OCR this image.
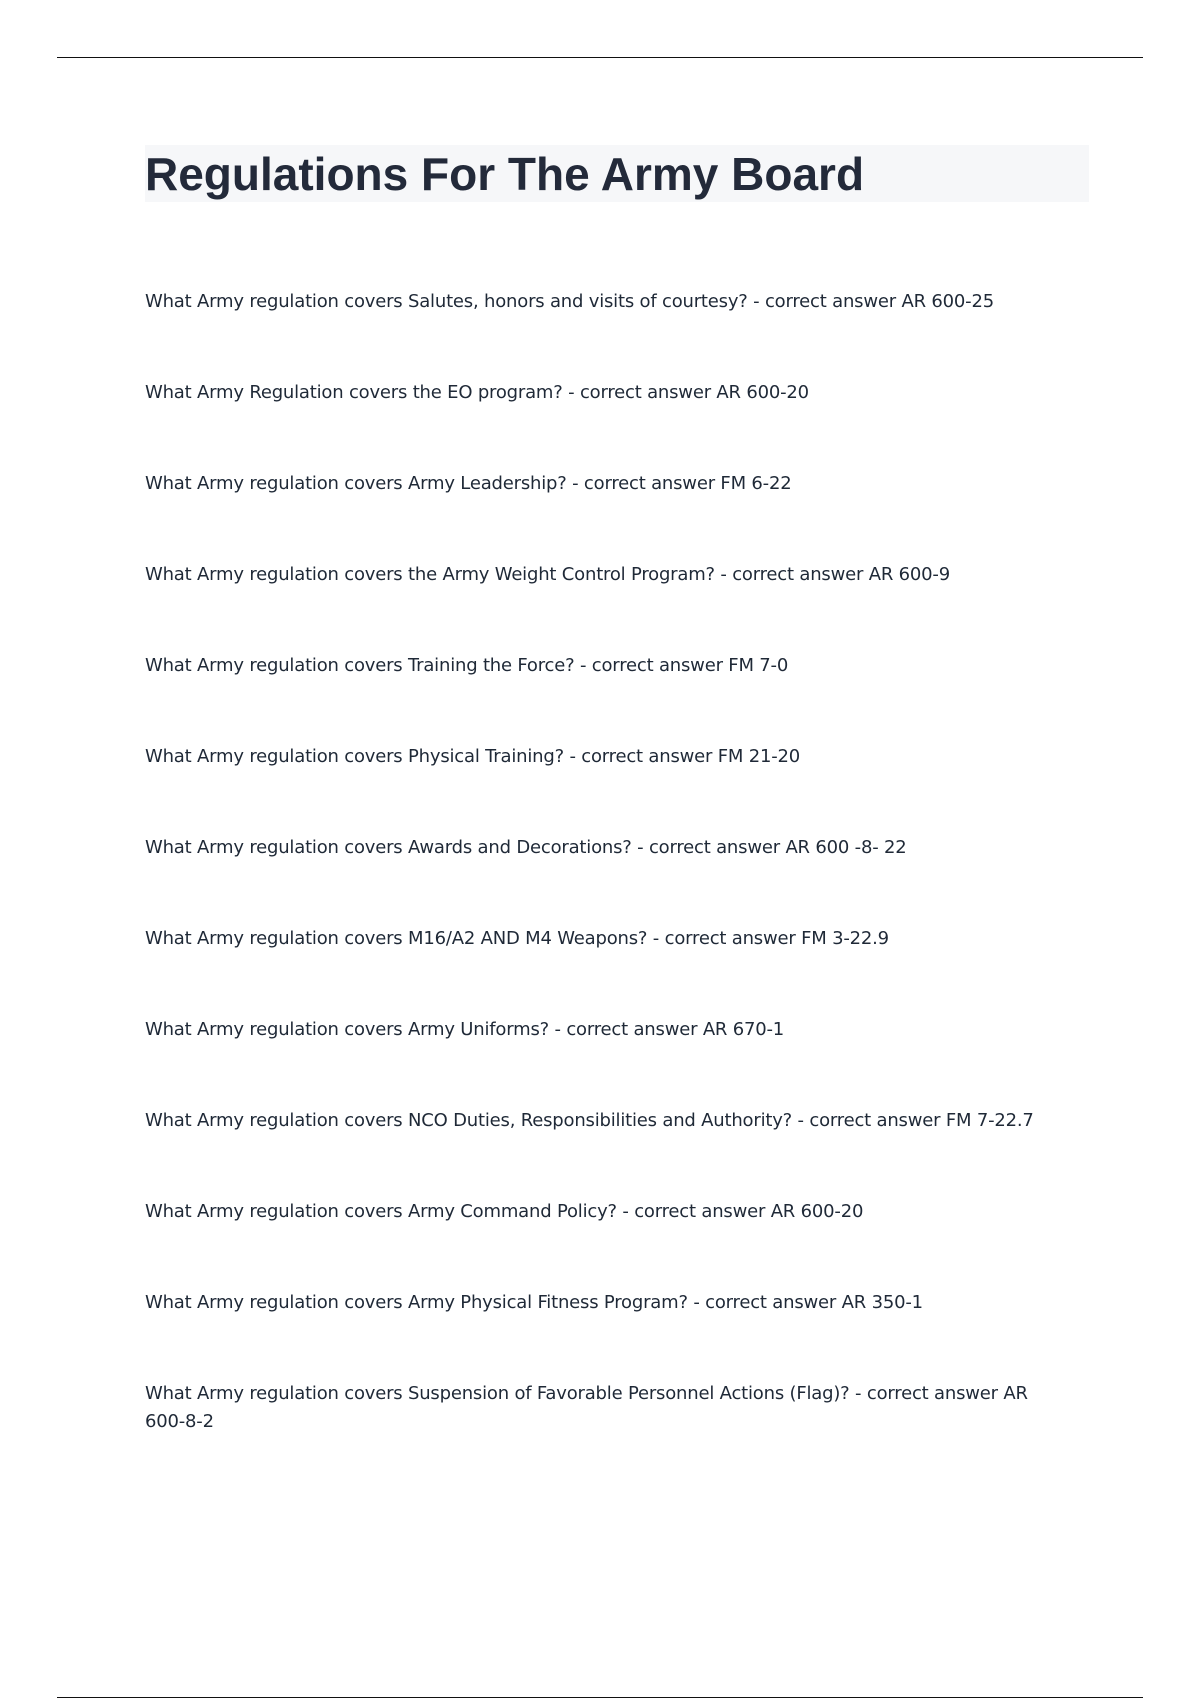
Regulations For The Army Board
What Army regulation covers Salutes, honors and visits of courtesy? - correct answer AR 600-25
What Army Regulation covers the EO program? - correct answer AR 600-20
What Army regulation covers Army Leadership? - correct answer FM 6-22
What Army regulation covers the Army Weight Control Program? - correct answer AR 600-9
What Army regulation covers Training the Force? - correct answer FM 7-0
What Army regulation covers Physical Training? - correct answer FM 21-20
What Army regulation covers Awards and Decorations? - correct answer AR 600 -8- 22
What Army regulation covers M16/A2 AND M4 Weapons? - correct answer FM 3-22.9
What Army regulation covers Army Uniforms? - correct answer AR 670-1
What Army regulation covers NCO Duties, Responsibilities and Authority? - correct answer FM 7-22.7
What Army regulation covers Army Command Policy? - correct answer AR 600-20
What Army regulation covers Army Physical Fitness Program? - correct answer AR 350-1
What Army regulation covers Suspension of Favorable Personnel Actions (Flag)? - correct answer AR 600-8-2
